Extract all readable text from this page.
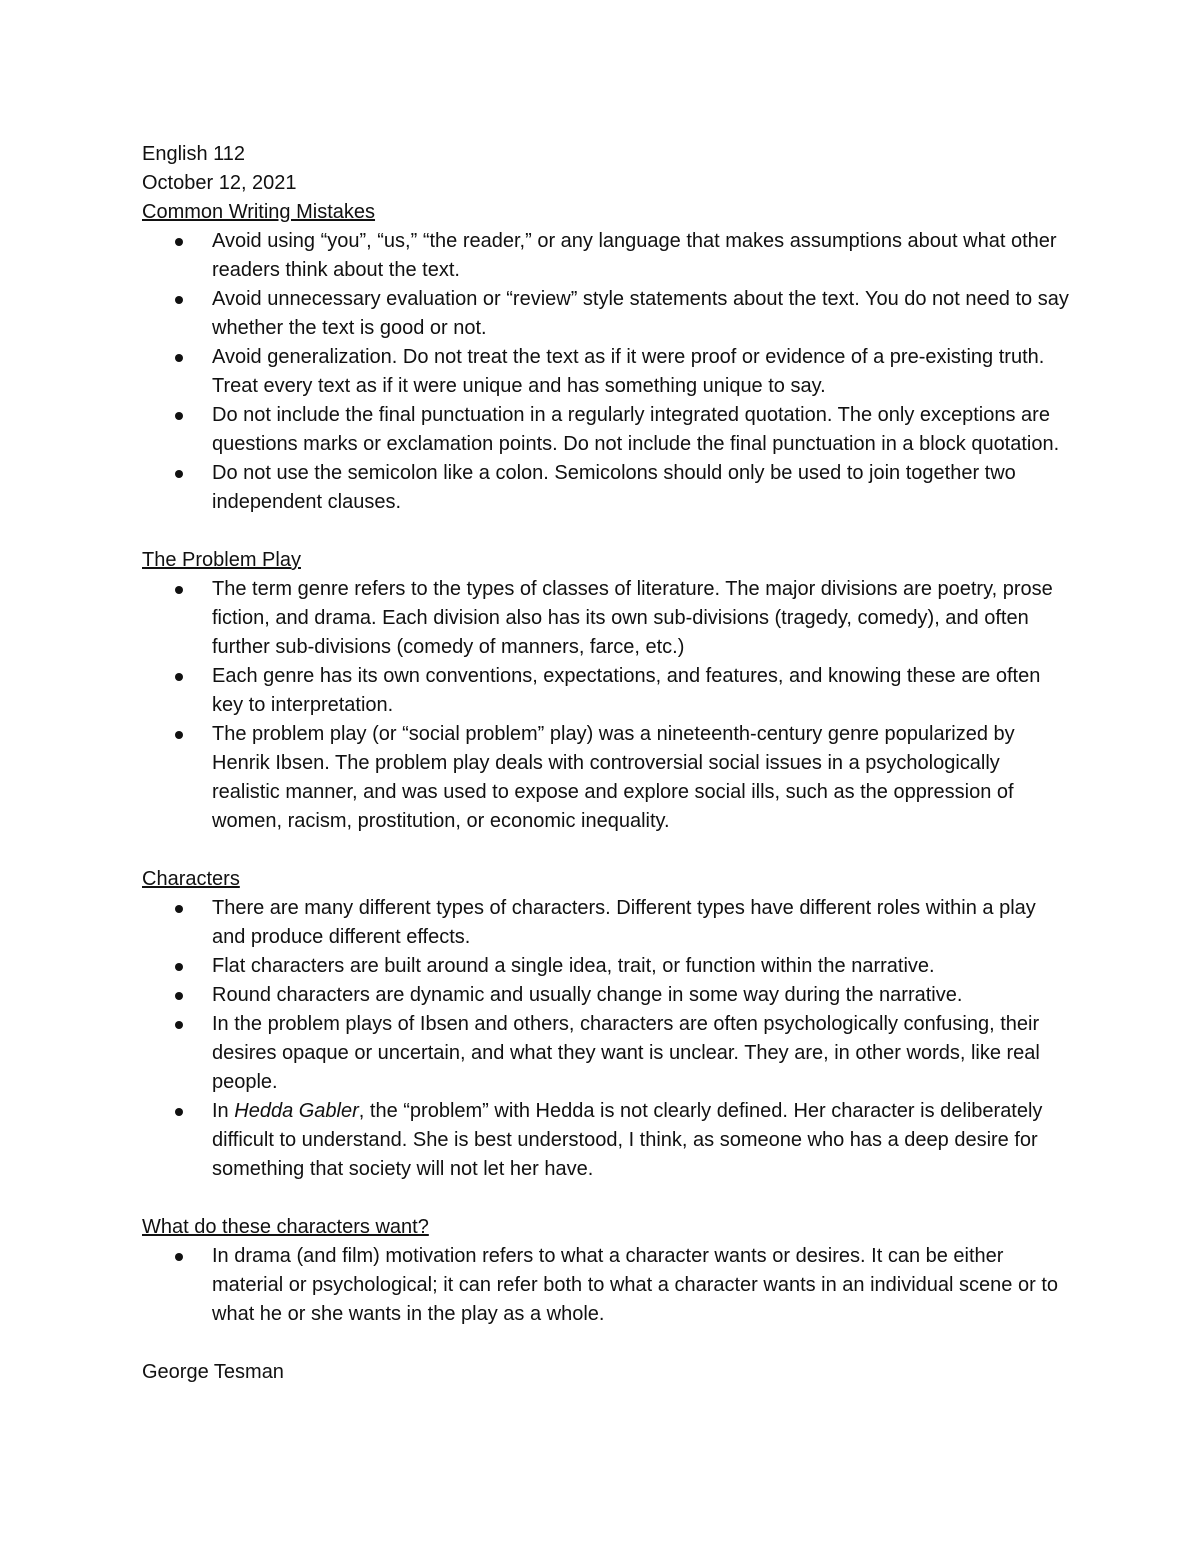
English 112

October 12, 2021

Common Writing Mistakes

Avoid using “you”, “us,” “the reader,” or any language that makes assumptions about what other readers think about the text.
Avoid unnecessary evaluation or “review” style statements about the text. You do not need to say whether the text is good or not.
Avoid generalization. Do not treat the text as if it were proof or evidence of a pre-existing truth. Treat every text as if it were unique and has something unique to say.
Do not include the final punctuation in a regularly integrated quotation. The only exceptions are questions marks or exclamation points. Do not include the final punctuation in a block quotation.
Do not use the semicolon like a colon. Semicolons should only be used to join together two independent clauses.

The Problem Play

The term genre refers to the types of classes of literature. The major divisions are poetry, prose fiction, and drama. Each division also has its own sub-divisions (tragedy, comedy), and often further sub-divisions (comedy of manners, farce, etc.)
Each genre has its own conventions, expectations, and features, and knowing these are often key to interpretation.
The problem play (or “social problem” play) was a nineteenth-century genre popularized by Henrik Ibsen. The problem play deals with controversial social issues in a psychologically realistic manner, and was used to expose and explore social ills, such as the oppression of women, racism, prostitution, or economic inequality.

Characters

There are many different types of characters. Different types have different roles within a play and produce different effects.
Flat characters are built around a single idea, trait, or function within the narrative.
Round characters are dynamic and usually change in some way during the narrative.
In the problem plays of Ibsen and others, characters are often psychologically confusing, their desires opaque or uncertain, and what they want is unclear. They are, in other words, like real people.
In Hedda Gabler, the “problem” with Hedda is not clearly defined. Her character is deliberately difficult to understand. She is best understood, I think, as someone who has a deep desire for something that society will not let her have.

What do these characters want?

In drama (and film) motivation refers to what a character wants or desires. It can be either material or psychological; it can refer both to what a character wants in an individual scene or to what he or she wants in the play as a whole.

George Tesman
